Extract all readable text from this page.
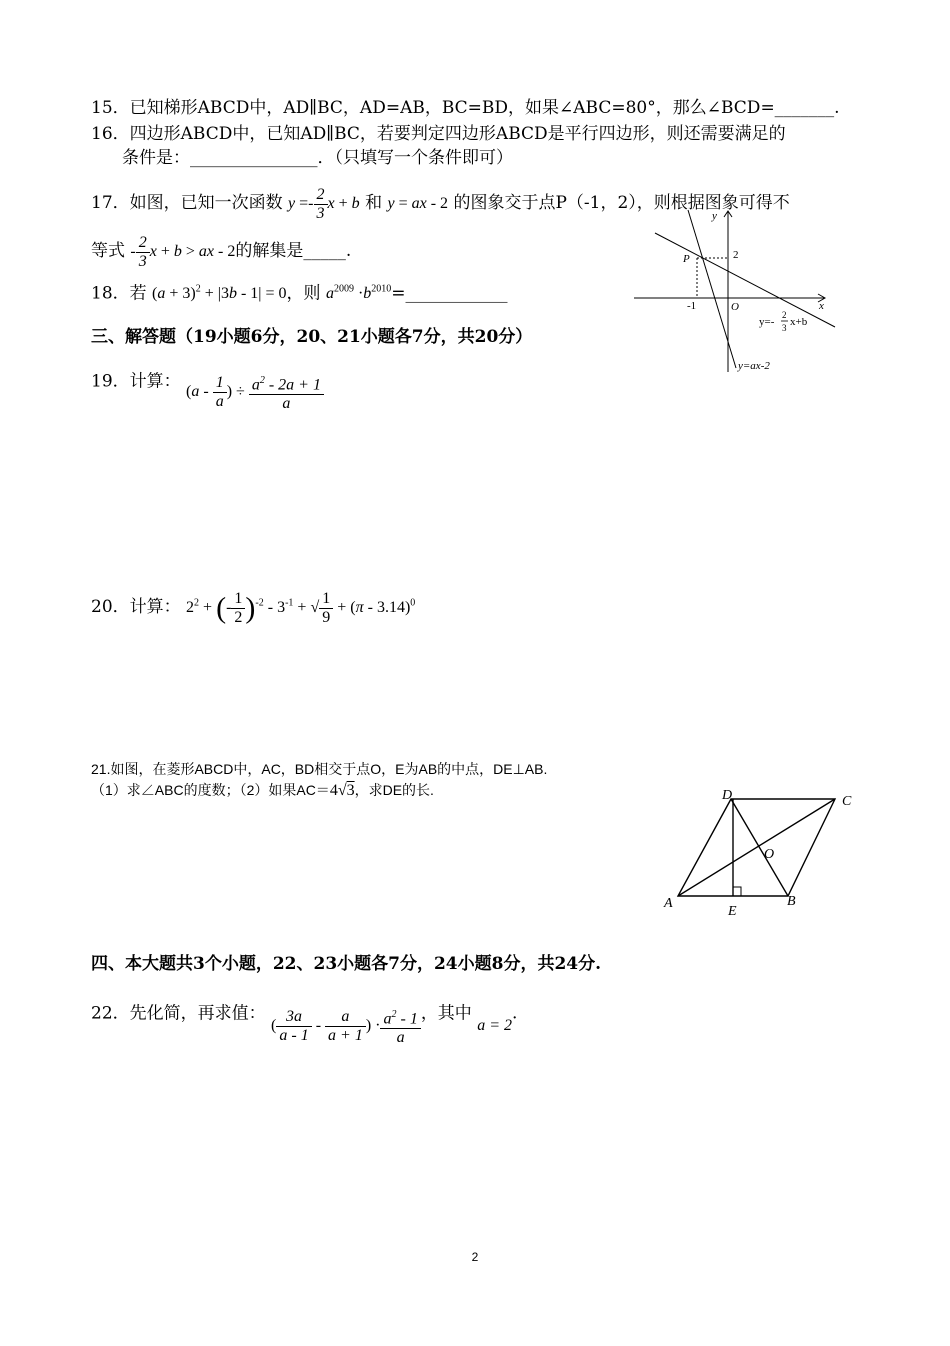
15．已知梯形ABCD中，AD∥BC，AD=AB，BC=BD，如果∠ABC=80°，那么∠BCD=_______.
16．四边形ABCD中，已知AD∥BC，若要判定四边形ABCD是平行四边形，则还需要满足的
条件是：_______________．（只填写一个条件即可）
17．如图，已知一次函数 $y =- \frac{2}{3}$ x + b 和 y = ax - 2 的图象交于点P（-1，2），则根据图象可得不
等式 - $\frac{2}{3}$ x + b > ax - 2的解集是_____.
18．若 $(a + 3)^2 + |3b - 1| = 0$，则 $a^{2009}$ $\cdot b^{2010}=\_\_\_\_\_\_\_\_\_\_\_\_$
三、解答题（19小题6分，20、21小题各7分，共20分）
19．计算： ($a - \frac{1}{a}$ ) ÷ $\frac{a^2 - 2a + 1}{a}$
20．计算： $2^2$ + (- $\frac{1}{2} )^{-2} - 3^{-1}$ + √ $\frac{1}{9} + (\pi - 3.14)^0$
21.如图，在菱形ABCD中，AC，BD相交于点O，E为AB的中点，DE⊥AB.
（1）求∠ABC的度数；（2）如果AC＝4√3，求DE的长.
四、本大题共3个小题，22、23小题各7分，24小题8分，共24分.
22．先化简，再求值： ( $\frac{3a}{a - 1} - \frac{a}{a + 1}$ ) · $\frac{a^2 - 1}{a}$ ，其中 a = 2.
y
x
P	2
-1	O
y=-
2
3 x+b
y=ax-2
A	B
C
D
E
O
2
